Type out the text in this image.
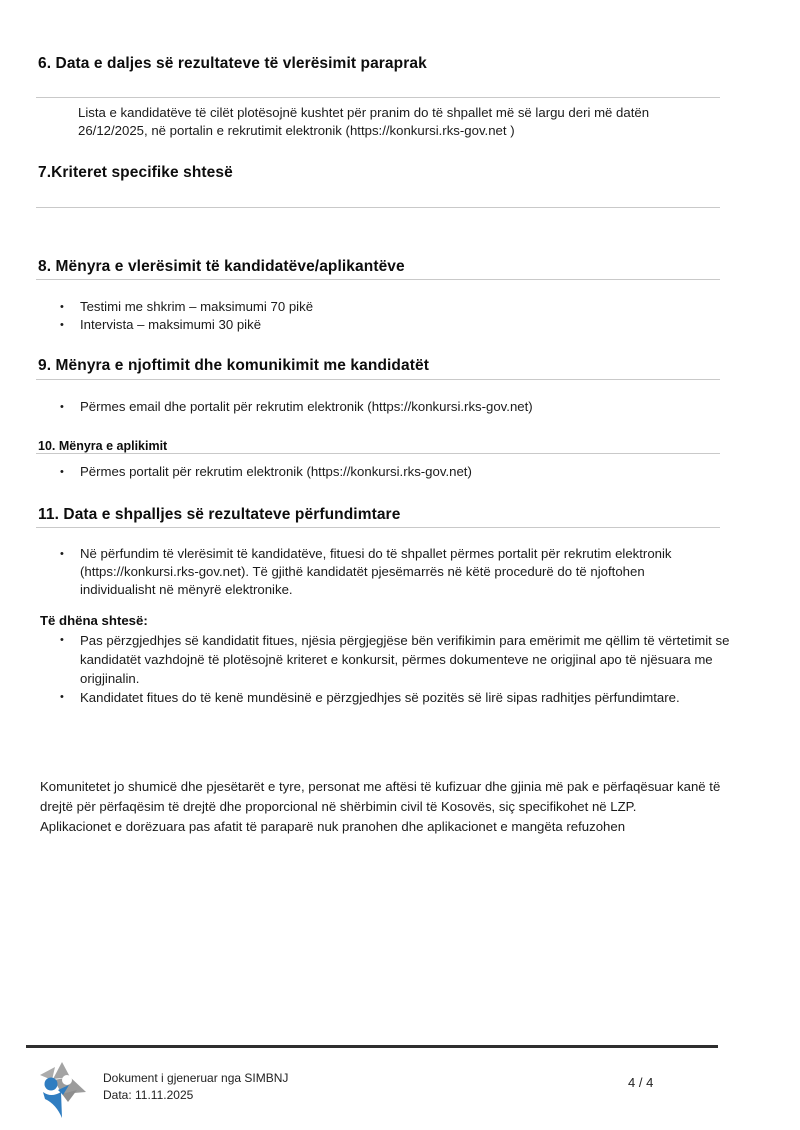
6. Data e daljes së rezultateve të vlerësimit paraprak
Lista e kandidatëve të cilët plotësojnë kushtet për pranim do të shpallet më së largu deri më datën 26/12/2025, në portalin e rekrutimit elektronik (https://konkursi.rks-gov.net )
7.Kriteret specifike shtesë
8. Mënyra e vlerësimit të kandidatëve/aplikantëve
•	Testimi me shkrim – maksimumi 70 pikë
•	Intervista – maksimumi 30 pikë
9. Mënyra e njoftimit dhe komunikimit me kandidatët
•	Përmes email dhe portalit për rekrutim elektronik (https://konkursi.rks-gov.net)
10. Mënyra e aplikimit
•	Përmes portalit për rekrutim elektronik (https://konkursi.rks-gov.net)
11. Data e shpalljes së rezultateve përfundimtare
•	Në përfundim të vlerësimit të kandidatëve, fituesi do të shpallet përmes portalit për rekrutim elektronik (https://konkursi.rks-gov.net). Të gjithë kandidatët pjesëmarrës në këtë procedurë do të njoftohen individualisht në mënyrë elektronike.
Të dhëna shtesë:
•	Pas përzgjedhjes së kandidatit fitues, njësia përgjegjëse bën verifikimin para emërimit me qëllim të vërtetimit se kandidatët vazhdojnë të plotësojnë kriteret e konkursit, përmes dokumenteve ne origjinal apo të njësuara me origjinalin.
•	Kandidatet fitues do të kenë mundësinë e përzgjedhjes së pozitës së lirë sipas radhitjes përfundimtare.
Komunitetet jo shumicë dhe pjesëtarët e tyre, personat me aftësi të kufizuar dhe gjinia më pak e përfaqësuar kanë të drejtë për përfaqësim të drejtë dhe proporcional në shërbimin civil të Kosovës, siç specifikohet në LZP.
Aplikacionet e dorëzuara pas afatit të paraparë nuk pranohen dhe aplikacionet e mangëta refuzohen
Dokument i gjeneruar nga SIMBNJ
Data: 11.11.2025
4 / 4
